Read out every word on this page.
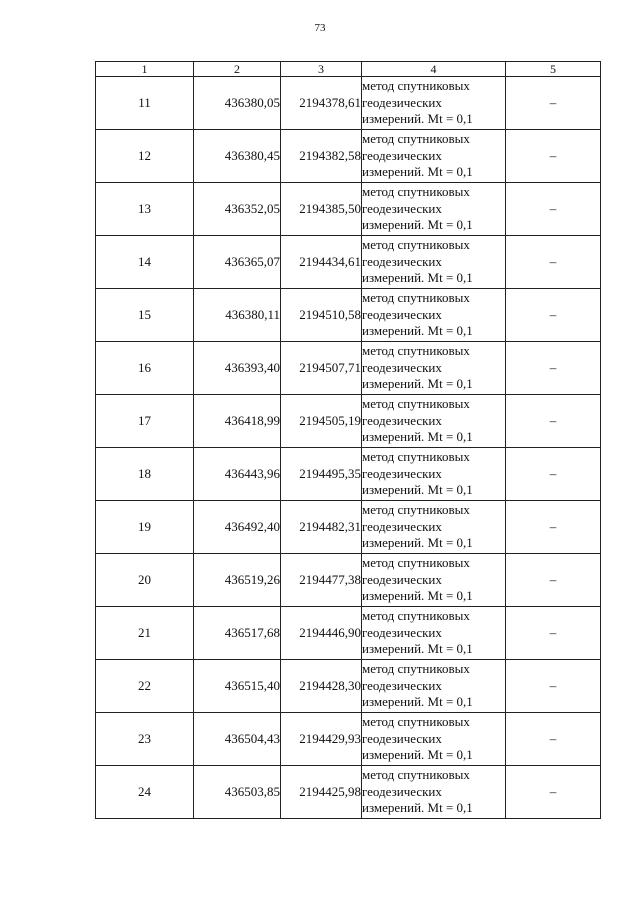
73
1	2	3	4	5
11	436380,05	2194378,61	метод спутниковых
геодезических
измерений. Mt = 0,1	–
12	436380,45	2194382,58	метод спутниковых
геодезических
измерений. Mt = 0,1	–
13	436352,05	2194385,50	метод спутниковых
геодезических
измерений. Mt = 0,1	–
14	436365,07	2194434,61	метод спутниковых
геодезических
измерений. Mt = 0,1	–
15	436380,11	2194510,58	метод спутниковых
геодезических
измерений. Mt = 0,1	–
16	436393,40	2194507,71	метод спутниковых
геодезических
измерений. Mt = 0,1	–
17	436418,99	2194505,19	метод спутниковых
геодезических
измерений. Mt = 0,1	–
18	436443,96	2194495,35	метод спутниковых
геодезических
измерений. Mt = 0,1	–
19	436492,40	2194482,31	метод спутниковых
геодезических
измерений. Mt = 0,1	–
20	436519,26	2194477,38	метод спутниковых
геодезических
измерений. Mt = 0,1	–
21	436517,68	2194446,90	метод спутниковых
геодезических
измерений. Mt = 0,1	–
22	436515,40	2194428,30	метод спутниковых
геодезических
измерений. Mt = 0,1	–
23	436504,43	2194429,93	метод спутниковых
геодезических
измерений. Mt = 0,1	–
24	436503,85	2194425,98	метод спутниковых
геодезических
измерений. Mt = 0,1	–
